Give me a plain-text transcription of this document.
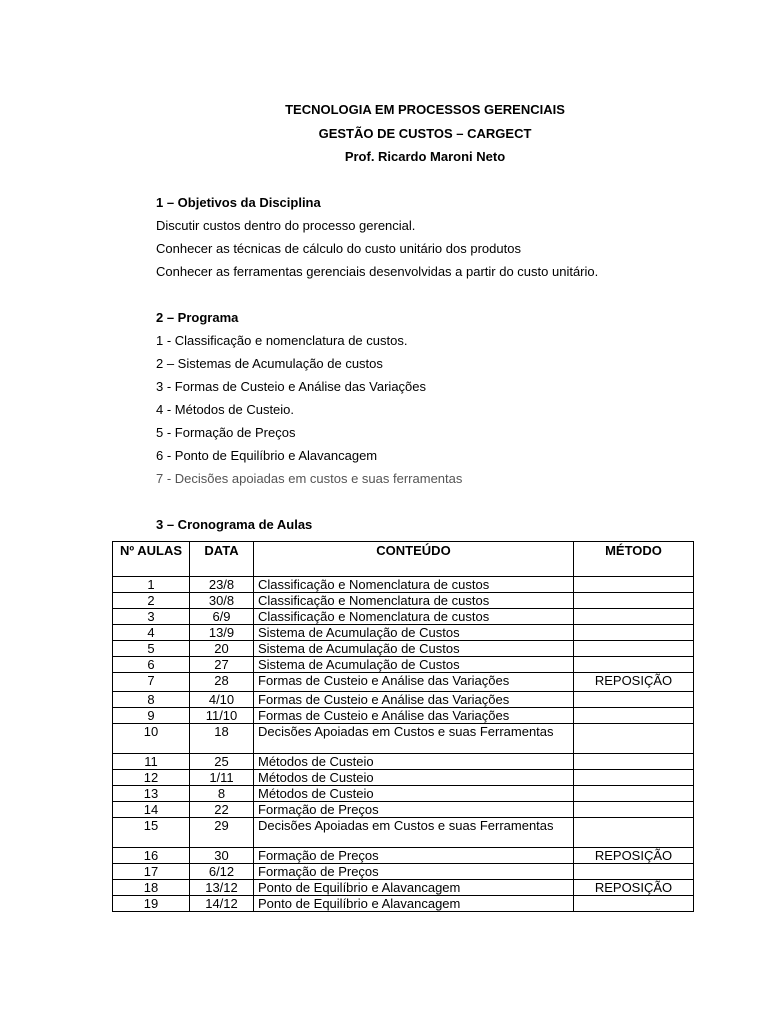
TECNOLOGIA EM PROCESSOS GERENCIAIS
GESTÃO DE CUSTOS – CARGECT
Prof. Ricardo Maroni Neto
1 – Objetivos da Disciplina
Discutir custos dentro do processo gerencial.
Conhecer as técnicas de cálculo do custo unitário dos produtos
Conhecer as ferramentas gerenciais desenvolvidas a partir do custo unitário.
2 – Programa
1 - Classificação e nomenclatura de custos.
2 – Sistemas de Acumulação de custos
3 - Formas de Custeio e Análise das Variações
4 - Métodos de Custeio.
5 - Formação de Preços
6 - Ponto de Equilíbrio e Alavancagem
7 - Decisões apoiadas em custos e suas ferramentas
3 – Cronograma de Aulas
Nº AULAS	DATA	CONTEÚDO	MÉTODO
1	23/8	Classificação e Nomenclatura de custos	
2	30/8	Classificação e Nomenclatura de custos	
3	6/9	Classificação e Nomenclatura de custos	
4	13/9	Sistema de Acumulação de Custos	
5	20	Sistema de Acumulação de Custos	
6	27	Sistema de Acumulação de Custos	
7	28	Formas de Custeio e Análise das Variações	REPOSIÇÃO
8	4/10	Formas de Custeio e Análise das Variações	
9	11/10	Formas de Custeio e Análise das Variações	
10	18	Decisões Apoiadas em Custos e suas Ferramentas	
11	25	Métodos de Custeio	
12	1/11	Métodos de Custeio	
13	8	Métodos de Custeio	
14	22	Formação de Preços	
15	29	Decisões Apoiadas em Custos e suas Ferramentas	
16	30	Formação de Preços	REPOSIÇÃO
17	6/12	Formação de Preços	
18	13/12	Ponto de Equilíbrio e Alavancagem	REPOSIÇÃO
19	14/12	Ponto de Equilíbrio e Alavancagem	
